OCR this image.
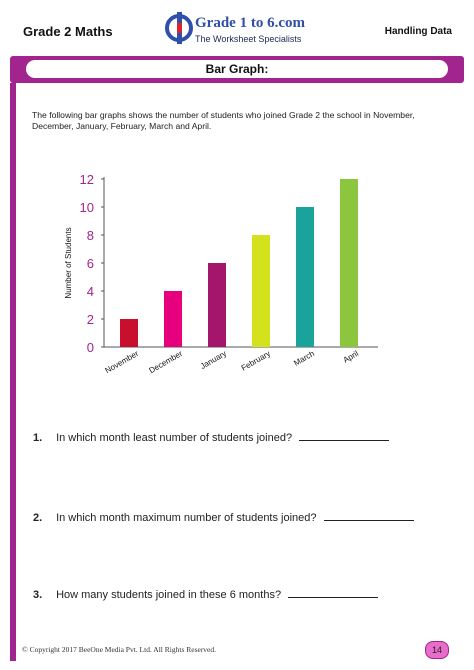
Grade 2 Maths
Grade 1 to 6.com
The Worksheet Specialists
Handling Data
Bar Graph:
The following bar graphs shows the number of students who joined Grade 2 the school in November, December, January, February, March and April.
0
2
4
6
8
10
12
Number of Students
November December January February	March	April
1. In which month least number of students joined?
2. In which month maximum number of students joined?
3. How many students joined in these 6 months?
© Copyright 2017 BeeOne Media Pvt. Ltd. All Rights Reserved.	14
